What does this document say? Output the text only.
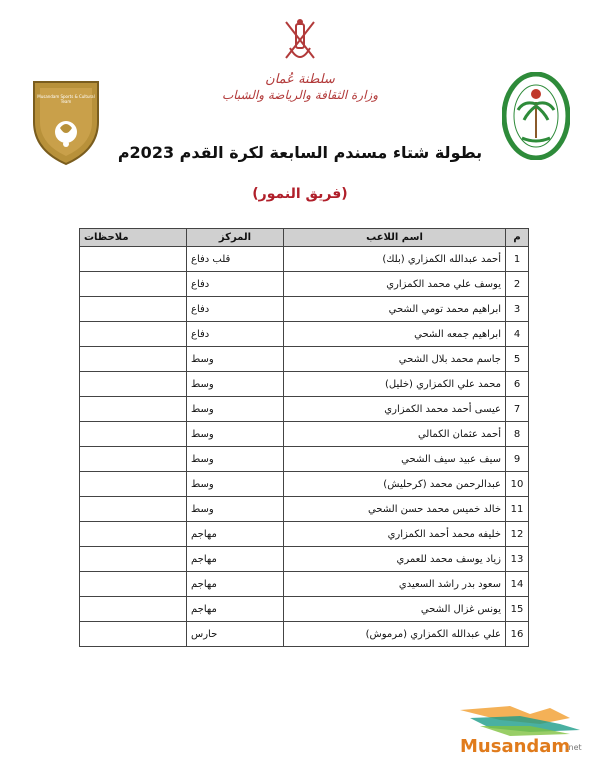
سلطنة عُمان
وزارة الثقافة والرياضة والشباب
Musandam Sports & Cultural Team
بطولة شتاء مسندم السابعة لكرة القدم 2023م
(فريق النمور)
م	اسم اللاعب	المركز	ملاحظات
1	أحمد عبدالله الكمزاري (بلك)	قلب دفاع	
2	يوسف علي محمد الكمزاري	دفاع	
3	ابراهيم محمد تومي الشحي	دفاع	
4	ابراهيم جمعه الشحي	دفاع	
5	جاسم محمد بلال الشحي	وسط	
6	محمد علي الكمزاري (خليل)	وسط	
7	عيسى أحمد محمد الكمزاري	وسط	
8	أحمد عثمان الكمالي	وسط	
9	سيف عبيد سيف الشحي	وسط	
10	عبدالرحمن محمد (كرحليش)	وسط	
11	خالد خميس محمد حسن الشحي	وسط	
12	خليفه محمد أحمد الكمزاري	مهاجم	
13	زياد يوسف محمد للعمري	مهاجم	
14	سعود بدر راشد السعيدي	مهاجم	
15	يونس غزال الشحي	مهاجم	
16	علي عبدالله الكمزاري (مرموش)	حارس	
Musandam
.net
